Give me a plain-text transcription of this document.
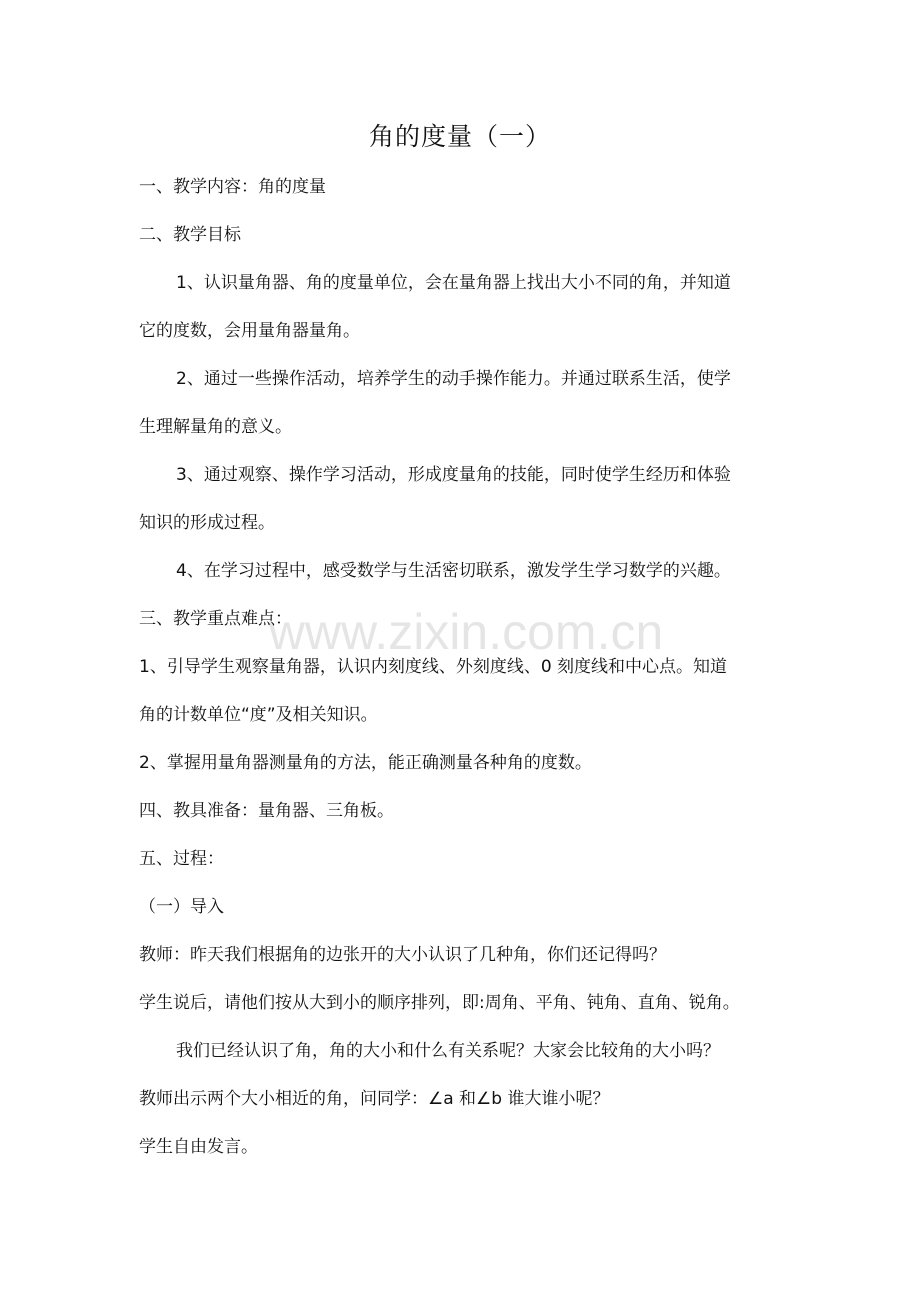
角的度量（一）
www.zixin.com.cn
一、教学内容：角的度量
二、教学目标
1、认识量角器、角的度量单位，会在量角器上找出大小不同的角，并知道
它的度数，会用量角器量角。
2、通过一些操作活动，培养学生的动手操作能力。并通过联系生活，使学
生理解量角的意义。
3、通过观察、操作学习活动，形成度量角的技能，同时使学生经历和体验
知识的形成过程。
4、在学习过程中，感受数学与生活密切联系，激发学生学习数学的兴趣。
三、教学重点难点：
1、引导学生观察量角器，认识内刻度线、外刻度线、0 刻度线和中心点。知道
角的计数单位“度”及相关知识。
2、掌握用量角器测量角的方法，能正确测量各种角的度数。
四、教具准备：量角器、三角板。
五、过程：
（一）导入
教师：昨天我们根据角的边张开的大小认识了几种角，你们还记得吗？
学生说后，请他们按从大到小的顺序排列，即:周角、平角、钝角、直角、锐角。
我们已经认识了角，角的大小和什么有关系呢？大家会比较角的大小吗？
教师出示两个大小相近的角，问同学：∠a 和∠b 谁大谁小呢？
学生自由发言。
